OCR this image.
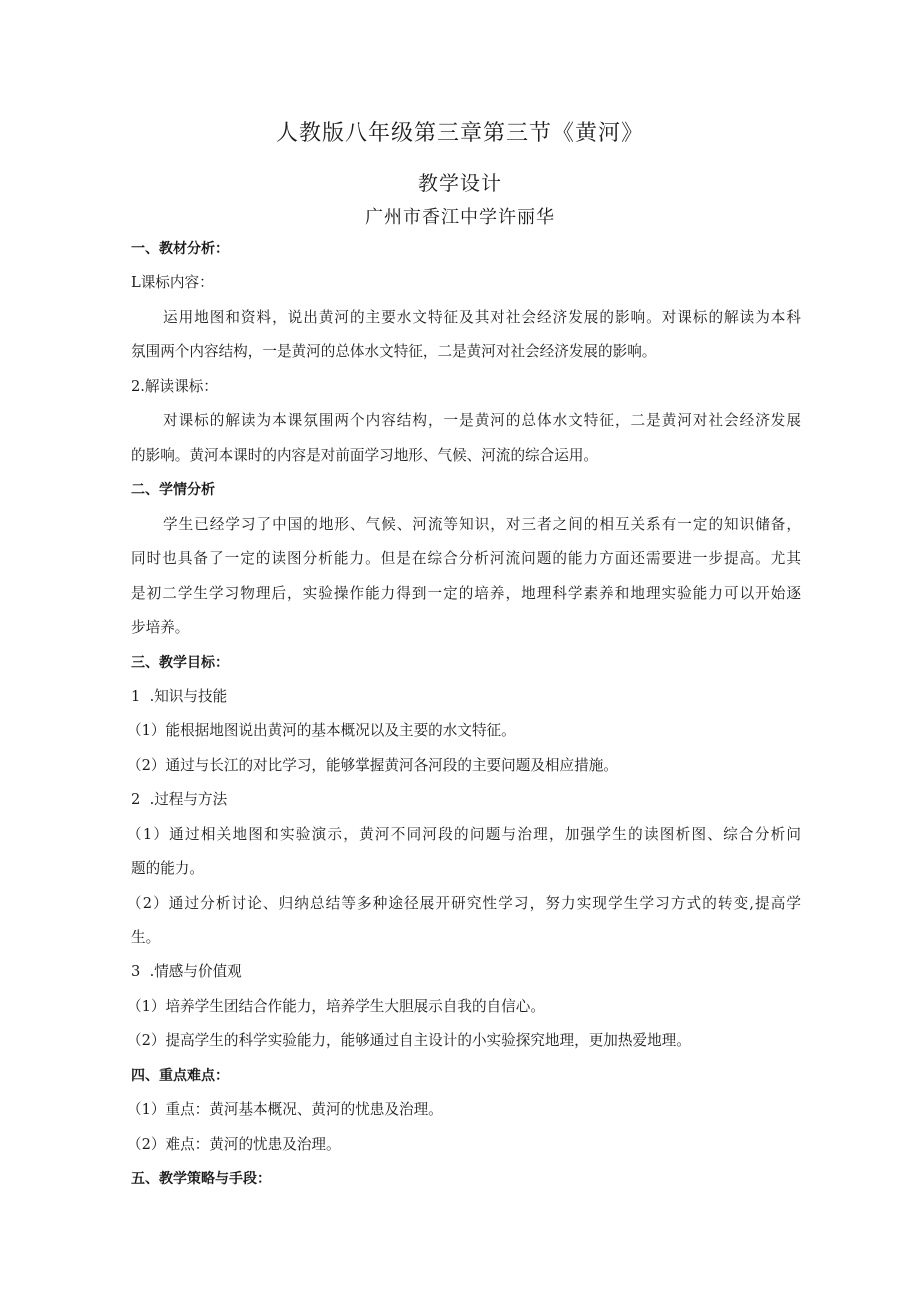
人教版八年级第三章第三节《黄河》
教学设计
广州市香江中学许丽华
一、教材分析：
L课标内容：
运用地图和资料，说出黄河的主要水文特征及其对社会经济发展的影响。对课标的解读为本科
氛围两个内容结构，一是黄河的总体水文特征，二是黄河对社会经济发展的影响。
2.解读课标：
对课标的解读为本课氛围两个内容结构，一是黄河的总体水文特征，二是黄河对社会经济发展
的影响。黄河本课时的内容是对前面学习地形、气候、河流的综合运用。
二、学情分析
学生已经学习了中国的地形、气候、河流等知识，对三者之间的相互关系有一定的知识储备，
同时也具备了一定的读图分析能力。但是在综合分析河流问题的能力方面还需要进一步提高。尤其
是初二学生学习物理后，实验操作能力得到一定的培养，地理科学素养和地理实验能力可以开始逐
步培养。
三、教学目标：
1  .知识与技能
（1）能根据地图说出黄河的基本概况以及主要的水文特征。
（2）通过与长江的对比学习，能够掌握黄河各河段的主要问题及相应措施。
2  .过程与方法
（1）通过相关地图和实验演示，黄河不同河段的问题与治理，加强学生的读图析图、综合分析问
题的能力。
（2）通过分析讨论、归纳总结等多种途径展开研究性学习，努力实现学生学习方式的转变,提高学
生。
3  .情感与价值观
（1）培养学生团结合作能力，培养学生大胆展示自我的自信心。
（2）提高学生的科学实验能力，能够通过自主设计的小实验探究地理，更加热爱地理。
四、重点难点：
（1）重点：黄河基本概况、黄河的忧患及治理。
（2）难点：黄河的忧患及治理。
五、教学策略与手段：
